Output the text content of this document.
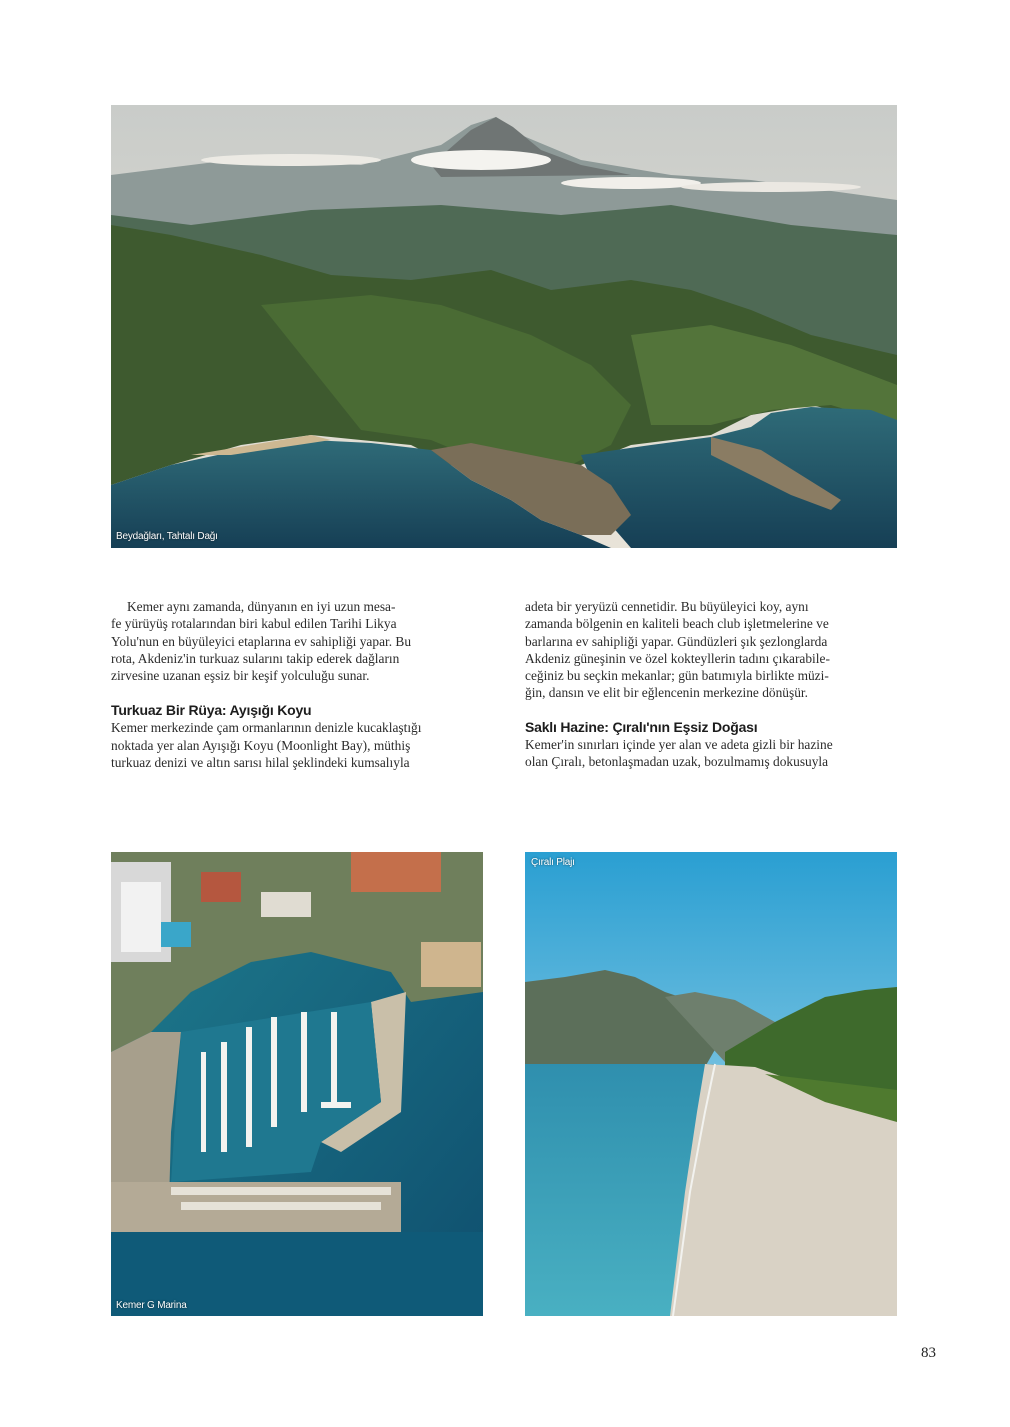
Beydağları, Tahtalı Dağı

Kemer aynı zamanda, dünyanın en iyi uzun mesa-

fe yürüyüş rotalarından biri kabul edilen Tarihi Likya

Yolu'nun en büyüleyici etaplarına ev sahipliği yapar. Bu

rota, Akdeniz'in turkuaz sularını takip ederek dağların

zirvesine uzanan eşsiz bir keşif yolculuğu sunar.

Turkuaz Bir Rüya: Ayışığı Koyu

Kemer merkezinde çam ormanlarının denizle kucaklaştığı

noktada yer alan Ayışığı Koyu (Moonlight Bay), müthiş

turkuaz denizi ve altın sarısı hilal şeklindeki kumsalıyla

adeta bir yeryüzü cennetidir. Bu büyüleyici koy, aynı

zamanda bölgenin en kaliteli beach club işletmelerine ve

barlarına ev sahipliği yapar. Gündüzleri şık şezlonglarda

Akdeniz güneşinin ve özel kokteyllerin tadını çıkarabile-

ceğiniz bu seçkin mekanlar; gün batımıyla birlikte müzi-

ğin, dansın ve elit bir eğlencenin merkezine dönüşür.

Saklı Hazine: Çıralı'nın Eşsiz Doğası

Kemer'in sınırları içinde yer alan ve adeta gizli bir hazine

olan Çıralı, betonlaşmadan uzak, bozulmamış dokusuyla

Kemer G Marina
Çıralı Plajı
83
